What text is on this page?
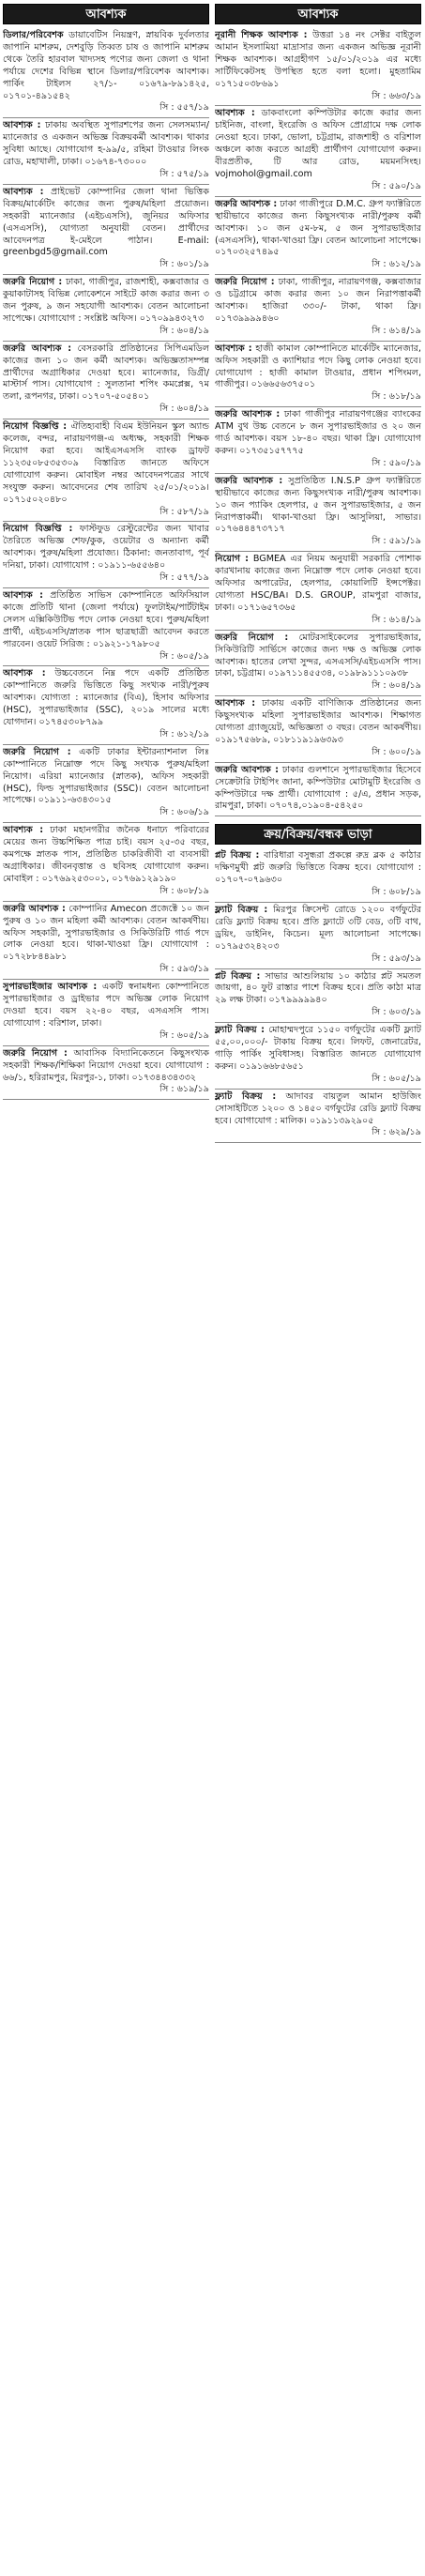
আবশ্যক
ডিলার/পরিবেশক ডায়াবেটিস নিয়ন্ত্রণ, স্নায়বিক দুর্বলতার জাপানি মাশরুম, দেশবুড়ি তিব্বত চাষ ও জাপানি মাশরুম থেকে তৈরি হারবাল খাদ্যসহ পণ্যের জন্য জেলা ও থানা পর্যায়ে দেশের বিভিন্ন স্থানে ডিলার/পরিবেশক আবশ্যক। পার্কিং টাইলস ২৭/১- ০১৬৭৯-৮৯১৪২৫, ০১৭০১-৪৯১৫৪২
সি : ৫৫৭/১৯
আবশ্যক : ঢাকায় অবস্থিত সুপারশপের জন্য সেলসম্যান/ম্যানেজার ও একজন অভিজ্ঞ বিক্রয়কর্মী আবশ্যক। থাকার সুবিধা আছে। যোগাযোগ হ-৯৯/৫, রহিমা টাওয়ার লিংক রোড, মহাখালী, ঢাকা। ০১৬৭৪-৭৩০০০
সি : ৫৭৫/১৯
আবশ্যক : প্রাইভেট কোম্পানির জেলা থানা ভিত্তিক বিক্রয়/মার্কেটিং কাজের জন্য পুরুষ/মহিলা প্রয়োজন। সহকারী ম্যানেজার (এইচএসসি), জুনিয়র অফিসার (এসএসসি), যোগ্যতা অনুযায়ী বেতন। প্রার্থীদের আবেদনপত্র ই-মেইলে পাঠান। E-mail: greenbgd5@gmail.com
সি : ৬০১/১৯
জরুরি নিয়োগ : ঢাকা, গাজীপুর, রাজশাহী, কক্সবাজার ও কুয়াকাটাসহ বিভিন্ন লোকেশনে সাইটে কাজ করার জন্য ৩ জন পুরুষ, ৯ জন সহযোগী আবশ্যক। বেতন আলোচনা সাপেক্ষে। যোগাযোগ : সংশ্লিষ্ট অফিস। ০১৭০৯৯৪৩২৭৩
সি : ৬০৪/১৯
জরুরি আবশ্যক : বেসরকারি প্রতিষ্ঠানের সিপিএমডিল কাজের জন্য ১০ জন কর্মী আবশ্যক। অভিজ্ঞতাসম্পন্ন প্রার্থীদের অগ্রাধিকার দেওয়া হবে। ম্যানেজার, ডিগ্রী/মাস্টার্স পাস। যোগাযোগ : সুলতানা শপিং কমপ্লেক্স, ৭ম তলা, রূপনগর, ঢাকা। ০১৭০৭-৫০৫৪০১
সি : ৬০৪/১৯
নিয়োগ বিজ্ঞপ্তি : ঐতিহ্যবাহী বিএম ইউনিয়ন স্কুল অ্যান্ড কলেজ, বন্দর, নারায়ণগঞ্জ-এ অধ্যক্ষ, সহকারী শিক্ষক নিয়োগ করা হবে। আইএসএসসি ব্যাংক ড্রাফট ১১২৩৫০৮৫৩৫৩০৯ বিস্তারিত জানতে অফিসে যোগাযোগ করুন। মোবাইল নম্বর আবেদনপত্রের সাথে সংযুক্ত করুন। আবেদনের শেষ তারিখ ২৫/০১/২০১৯। ০১৭১৫০২০৪৮০
সি : ৫৮৭/১৯
নিয়োগ বিজ্ঞপ্তি : ফাস্টফুড রেস্টুরেন্টের জন্য খাবার তৈরিতে অভিজ্ঞ শেফ/কুক, ওয়েটার ও অন্যান্য কর্মী আবশ্যক। পুরুষ/মহিলা প্রযোজ্য। ঠিকানা: জনতাবাগ, পূর্ব দনিয়া, ঢাকা। যোগাযোগ : ০১৯১১-৬৫৫৬৪০
সি : ৫৭৭/১৯
আবশ্যক : প্রতিষ্ঠিত সাভিস কোম্পানিতে অফিসিয়াল কাজে প্রতিটি থানা (জেলা পর্যায়ে) ফুলটাইম/পার্টটাইম সেলস এক্সিকিউটিভ পদে লোক নেওয়া হবে। পুরুষ/মহিলা প্রার্থী, এইচএসসি/স্নাতক পাস ছাত্রছাত্রী আবেদন করতে পারবেন। ওয়েট সিরিজ : ০১৯২১-১৭৯৮০৫
সি : ৬০৫/১৯
আবশ্যক : উচ্চবেতনে নিম্ন পদে একটি প্রতিষ্ঠিত কোম্পানিতে জরুরি ভিত্তিতে কিছু সংখ্যক নারী/পুরুষ আবশ্যক। যোগ্যতা : ম্যানেজার (বিএ), হিসাব অফিসার (HSC), সুপারভাইজার (SSC), ২০১৯ সালের মধ্যে যোগদান। ০১৭৪৫৩০৮৭৯৯
সি : ৬১২/১৯
জরুরি নিয়োগ : একটি ঢাকার ইন্টারন্যাশনাল লিঃ কোম্পানিতে নিম্নোক্ত পদে কিছু সংখ্যক পুরুষ/মহিলা নিয়োগ। এরিয়া ম্যানেজার (স্নাতক), অফিস সহকারী (HSC), ফিল্ড সুপারভাইজার (SSC)। বেতন আলোচনা সাপেক্ষে। ০১৯১১-৬৩৪৩০১৫
সি : ৬০৬/১৯
আবশ্যক : ঢাকা মহানগরীর জনৈক ধনাঢ্য পরিবারের মেয়ের জন্য উচ্চশিক্ষিত পাত্র চাই। বয়স ২৫-৩৫ বছর, কমপক্ষে স্নাতক পাস, প্রতিষ্ঠিত চাকরিজীবী বা ব্যবসায়ী অগ্রাধিকার। জীবনবৃত্তান্ত ও ছবিসহ যোগাযোগ করুন। মোবাইল : ০১৭৬৯২৫৩০০১, ০১৭৬৯১২৯১৯০
সি : ৬০৮/১৯
জরুরি আবশ্যক : কোম্পানির Amecon প্রজেক্টে ১০ জন পুরুষ ও ১০ জন মহিলা কর্মী আবশ্যক। বেতন আকর্ষণীয়। অফিস সহকারী, সুপারভাইজার ও সিকিউরিটি গার্ড পদে লোক নেওয়া হবে। থাকা-খাওয়া ফ্রি। যোগাযোগ : ০১৭২৮৮৪৪৯৮১
সি : ৫৯৩/১৯
সুপারভাইজার আবশ্যক : একটি স্বনামধন্য কোম্পানিতে সুপারভাইজার ও ড্রাইভার পদে অভিজ্ঞ লোক নিয়োগ দেওয়া হবে। বয়স ২২-৪০ বছর, এসএসসি পাস। যোগাযোগ : বরিশাল, ঢাকা।
সি : ৬০৫/১৯
জরুরি নিয়োগ : আবাসিক বিদ্যানিকেতনে কিছুসংখ্যক সহকারী শিক্ষক/শিক্ষিকা নিয়োগ দেওয়া হবে। যোগাযোগ : ৬৬/১, হরিরামপুর, মিরপুর-১, ঢাকা। ০১৭৩৪৪৩৪৩৩২
সি : ৬১৯/১৯
আবশ্যক
নূরানী শিক্ষক আবশ্যক : উত্তরা ১৪ নং সেক্টর বাইতুল আমান ইসলামিয়া মাদ্রাসার জন্য একজন অভিজ্ঞ নূরানী শিক্ষক আবশ্যক। আগ্রহীগণ ১৫/০১/২০১৯ এর মধ্যে সার্টিফিকেটসহ উপস্থিত হতে বলা হলো। মুহতামিম ০১৭১৫০৩৮৬৯১
সি : ৬৬৩/১৯
আবশ্যক : ডাকবাংলো কম্পিউটার কাজে করার জন্য চাইনিজ, বাংলা, ইংরেজি ও অফিস প্রোগ্রামে দক্ষ লোক নেওয়া হবে। ঢাকা, ভোলা, চট্টগ্রাম, রাজশাহী ও বরিশাল অঞ্চলে কাজ করতে আগ্রহী প্রার্থীগণ যোগাযোগ করুন। বীরপ্রতীক, টি আর রোড, ময়মনসিংহ। vojmohol@gmail.com
সি : ৫৯০/১৯
জরুরি আবশ্যক : ঢাকা গাজীপুরে D.M.C. গ্রুপ ফ্যাক্টরিতে স্থায়ীভাবে কাজের জন্য কিছুসংখ্যক নারী/পুরুষ কর্মী আবশ্যক। ১০ জন ৫ম-৮ম, ৫ জন সুপারভাইজার (এসএসসি), থাকা-খাওয়া ফ্রি। বেতন আলোচনা সাপেক্ষে। ০১৭০৩২৫৭৪৯৫
সি : ৬১২/১৯
জরুরি নিয়োগ : ঢাকা, গাজীপুর, নারায়ণগঞ্জ, কক্সবাজার ও চট্টগ্রামে কাজ করার জন্য ১০ জন নিরাপত্তাকর্মী আবশ্যক। হাজিরা ৩৩০/- টাকা, থাকা ফ্রি। ০১৭৩৯৯৯৯৪৬০
সি : ৬১৪/১৯
আবশ্যক : হাজী কামাল কোম্পানিতে মার্কেটিং ম্যানেজার, অফিস সহকারী ও ক্যাশিয়ার পদে কিছু লোক নেওয়া হবে। যোগাযোগ : হাজী কামাল টাওয়ার, প্রধান শপিংমল, গাজীপুর। ০১৬৬৫৬৩৭৫০১
সি : ৬১৮/১৯
জরুরি আবশ্যক : ঢাকা গাজীপুর নারায়ণগঞ্জের ব্যাংকের ATM বুথ উচ্চ বেতনে ৮ জন সুপারভাইজার ও ২০ জন গার্ড আবশ্যক। বয়স ১৮-৪০ বছর। থাকা ফ্রি। যোগাযোগ করুন। ০১৭৩৫১৫৭৭৭৫
সি : ৫৯০/১৯
জরুরি আবশ্যক : সুপ্রতিষ্ঠিত I.N.S.P গ্রুপ ফ্যাক্টরিতে স্থায়ীভাবে কাজের জন্য কিছুসংখ্যক নারী/পুরুষ আবশ্যক। ১০ জন প্যাকিং হেলপার, ৫ জন সুপারভাইজার, ৫ জন নিরাপত্তাকর্মী। থাকা-খাওয়া ফ্রি। আসুলিয়া, সাভার। ০১৭৬৪৪৪৭৩৭১৭
সি : ৫৯১/১৯
নিয়োগ : BGMEA এর নিয়ম অনুযায়ী সরকারি পোশাক কারখানায় কাজের জন্য নিম্নোক্ত পদে লোক নেওয়া হবে। অফিসার অপারেটর, হেলপার, কোয়ালিটি ইন্সপেক্টর। যোগ্যতা HSC/BA। D.S. GROUP, রামপুরা বাজার, ঢাকা। ০১৭১৬৫৭৩৬৫
সি : ৬১৪/১৯
জরুরি নিয়োগ : মোটরসাইকেলের সুপারভাইজার, সিকিউরিটি সার্ভিসে কাজের জন্য দক্ষ ও অভিজ্ঞ লোক আবশ্যক। হাতের লেখা সুন্দর, এসএসসি/এইচএসসি পাস। ঢাকা, চট্টগ্রাম। ০১৯৭১১৪৫৫৩৪, ০১৯৮৯১১১০৯৩৮
সি : ৬০৪/১৯
আবশ্যক : ঢাকায় একটি বাণিজ্যিক প্রতিষ্ঠানের জন্য কিছুসংখ্যক মহিলা সুপারভাইজার আবশ্যক। শিক্ষাগত যোগ্যতা গ্র্যাজুয়েট, অভিজ্ঞতা ৩ বছর। বেতন আকর্ষণীয়। ০১৯১৭৫৬৮৯, ০১৮১১৯১৯৬৩৯৩
সি : ৬০০/১৯
জরুরি আবশ্যক : ঢাকার গুলশানে সুপারভাইজার হিসেবে সেক্রেটারি টাইপিং জানা, কম্পিউটার মোটামুটি ইংরেজি ও কম্পিউটারে দক্ষ প্রার্থী। যোগাযোগ : ৫/এ, প্রধান সড়ক, রামপুরা, ঢাকা। ০৭০৭৪,০১৯০৪-৫৪২৫০
ক্রয়/বিক্রয়/বন্ধক ভাড়া
প্লট বিক্রয় : বারিধারা বসুন্ধরা প্রকল্পে রুদ্র ব্লক ৫ কাঠার দক্ষিণমুখী প্লট জরুরি ভিত্তিতে বিক্রয় হবে। যোগাযোগ : ০১৭০৭-০৭৯৬৩০
সি : ৬০৮/১৯
ফ্ল্যাট বিক্রয় : মিরপুর ক্রিসেন্ট রোডে ১২০০ বর্গফুটের রেডি ফ্ল্যাট বিক্রয় হবে। প্রতি ফ্ল্যাটে ৩টি বেড, ৩টি বাথ, ড্রয়িং, ডাইনিং, কিচেন। মূল্য আলোচনা সাপেক্ষে। ০১৭৯৫৩২৪২০৩
সি : ৫৯৩/১৯
প্লট বিক্রয় : সাভার আশুলিয়ায় ১০ কাঠার প্লট সমতল জায়গা, ৪০ ফুট রাস্তার পাশে বিক্রয় হবে। প্রতি কাঠা মাত্র ২৯ লক্ষ টাকা। ০১৭৯৯৯৯৯৪০
সি : ৬০৩/১৯
ফ্ল্যাট বিক্রয় : মোহাম্মদপুরে ১১৫০ বর্গফুটের একটি ফ্ল্যাট ৫৫,০০,০০০/- টাকায় বিক্রয় হবে। লিফট, জেনারেটর, গাড়ি পার্কিং সুবিধাসহ। বিস্তারিত জানতে যোগাযোগ করুন। ০১৯১৬৬৮৫৬৫১
সি : ৬০৫/১৯
ফ্ল্যাট বিক্রয় : আদাবর বায়তুল আমান হাউজিং সোসাইটিতে ১২০০ ও ১৪৫০ বর্গফুটের রেডি ফ্ল্যাট বিক্রয় হবে। যোগাযোগ : মালিক। ০১৯১১৩৯২৯০৫
সি : ৬২৯/১৯
